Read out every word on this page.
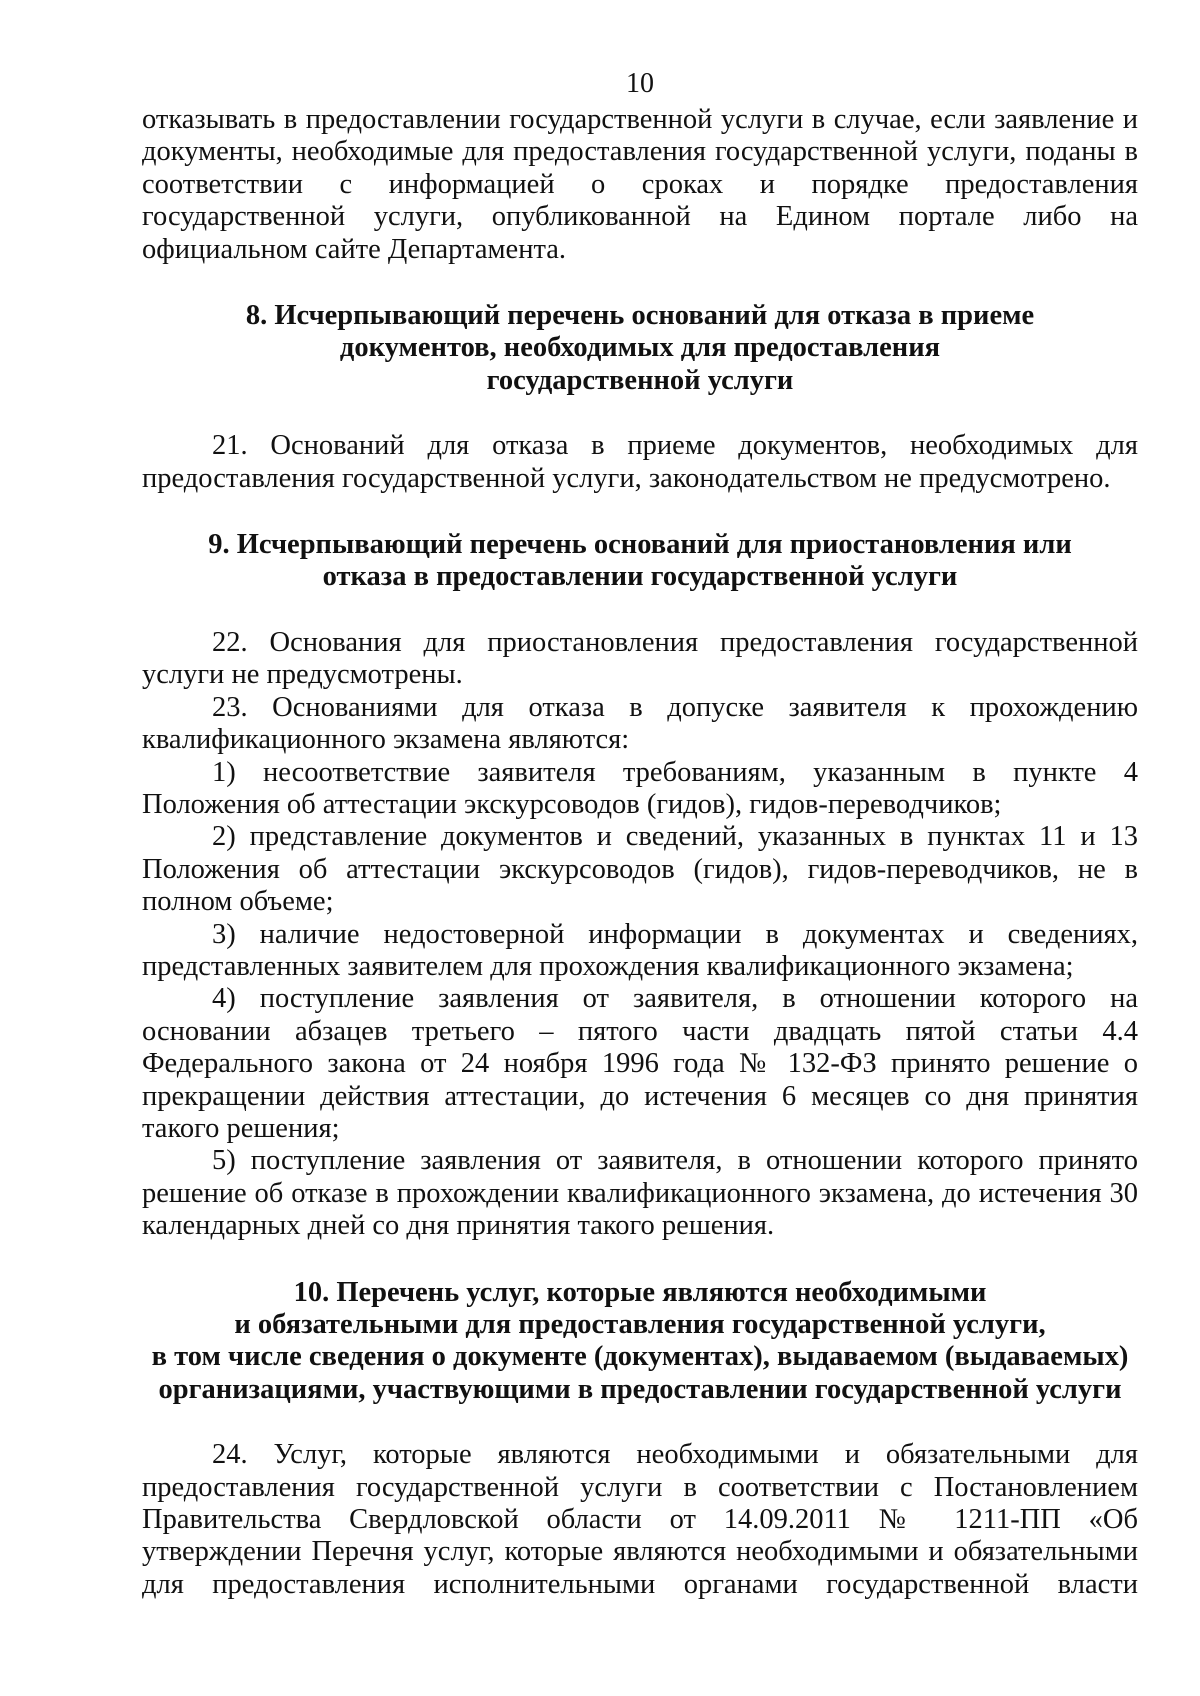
10

отказывать в предоставлении государственной услуги в случае, если заявление и документы, необходимые для предоставления государственной услуги, поданы в соответствии с информацией о сроках и порядке предоставления государственной услуги, опубликованной на Едином портале либо на официальном сайте Департамента.

8. Исчерпывающий перечень оснований для отказа в приеме
документов, необходимых для предоставления
государственной услуги

21. Оснований для отказа в приеме документов, необходимых для предоставления государственной услуги, законодательством не предусмотрено.

9. Исчерпывающий перечень оснований для приостановления или
отказа в предоставлении государственной услуги

22. Основания для приостановления предоставления государственной услуги не предусмотрены.

23. Основаниями для отказа в допуске заявителя к прохождению квалификационного экзамена являются:

1) несоответствие заявителя требованиям, указанным в пункте 4 Положения об аттестации экскурсоводов (гидов), гидов-переводчиков;

2) представление документов и сведений, указанных в пунктах 11 и 13 Положения об аттестации экскурсоводов (гидов), гидов-переводчиков, не в полном объеме;

3) наличие недостоверной информации в документах и сведениях, представленных заявителем для прохождения квалификационного экзамена;

4) поступление заявления от заявителя, в отношении которого на основании абзацев третьего – пятого части двадцать пятой статьи 4.4 Федерального закона от 24 ноября 1996 года № 132-ФЗ принято решение о прекращении действия аттестации, до истечения 6 месяцев со дня принятия такого решения;

5) поступление заявления от заявителя, в отношении которого принято решение об отказе в прохождении квалификационного экзамена, до истечения 30 календарных дней со дня принятия такого решения.

10. Перечень услуг, которые являются необходимыми
и обязательными для предоставления государственной услуги,
в том числе сведения о документе (документах), выдаваемом (выдаваемых)
организациями, участвующими в предоставлении государственной услуги

24. Услуг, которые являются необходимыми и обязательными для предоставления государственной услуги в соответствии с Постановлением Правительства Свердловской области от 14.09.2011 № 1211-ПП «Об утверждении Перечня услуг, которые являются необходимыми и обязательными для предоставления исполнительными органами государственной власти
